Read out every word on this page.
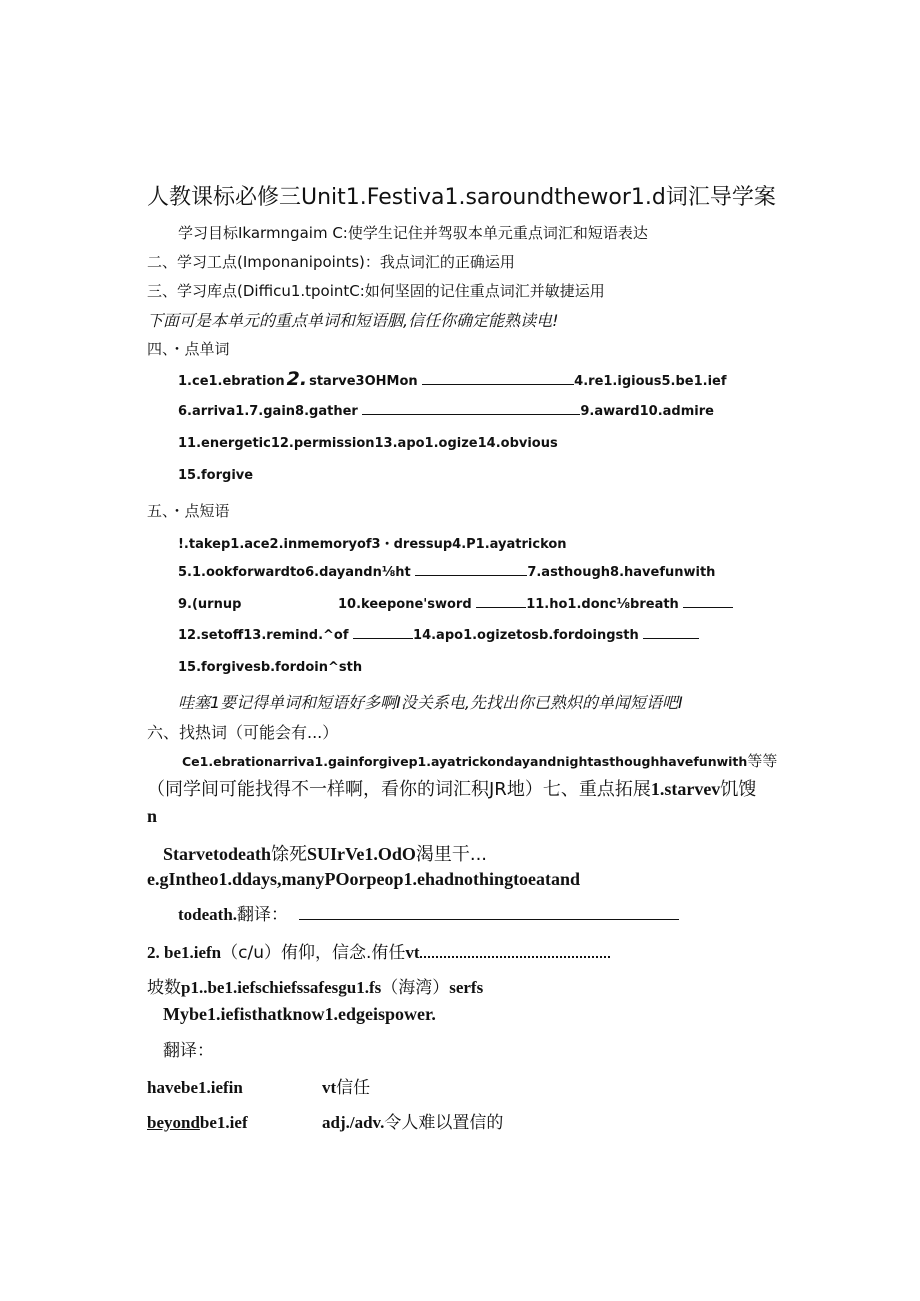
人教课标必修三Unit1.Festiva1.saroundthewor1.d词汇导学案
学习目标Ikarmngaim C:使学生记住并驾驭本单元重点词汇和短语表达
二、学习工点(Imponanipoints)：我点词汇的正确运用
三、学习库点(Difficu1.tpointC:如何坚固的记住重点词汇并敏捷运用
下面可是本单元的重点单词和短语胭,信任你确定能熟读电!
四、・点单词
1.ce1.ebration 2. starve3OHMon	4.re1.igious5.be1.ief
6.arriva1.7.gain8.gather	9.award10.admire
11.energetic12.permission13.apo1.ogize14.obvious
15.forgive
五、・点短语
!.takep1.ace2.inmemoryof3・dressup4.P1.ayatrickon
5.1.ookforwardto6.dayandn⅛ht	7.asthough8.havefunwith
9.(urnup	10.keepone'sword	11.ho1.donc⅛breath
12.setoff13.remind.^of	14.apo1.ogizetosb.fordoingsth
15.forgivesb.fordoin^sth
哇塞1要记得单词和短语好多啊I没关系电,先找出你已熟炽的单闻短语吧I
六、找热词（可能会有...）
Ce1.ebrationarriva1.gainforgivep1.ayatrickondayandnightasthoughhavefunwith等等
（同学间可能找得不一样啊，看你的词汇积JR地）七、重点拓展1.starvev饥馊
n
Starvetodeath馀死SUIrVe1.OdO渴里干...
e.gIntheo1.ddays,manyPOorpeop1.ehadnothingtoeatand
todeath.翻译：
2. be1.iefn（c/u）侑仰，信念.侑任vt
坡数p1..be1.iefschiefssafesgu1.fs（海湾）serfs
Mybe1.iefisthatknow1.edgeispower.
翻译：
havebe1.iefin	vt信任
beyondbe1.ief	adj./adv.令人难以置信的
